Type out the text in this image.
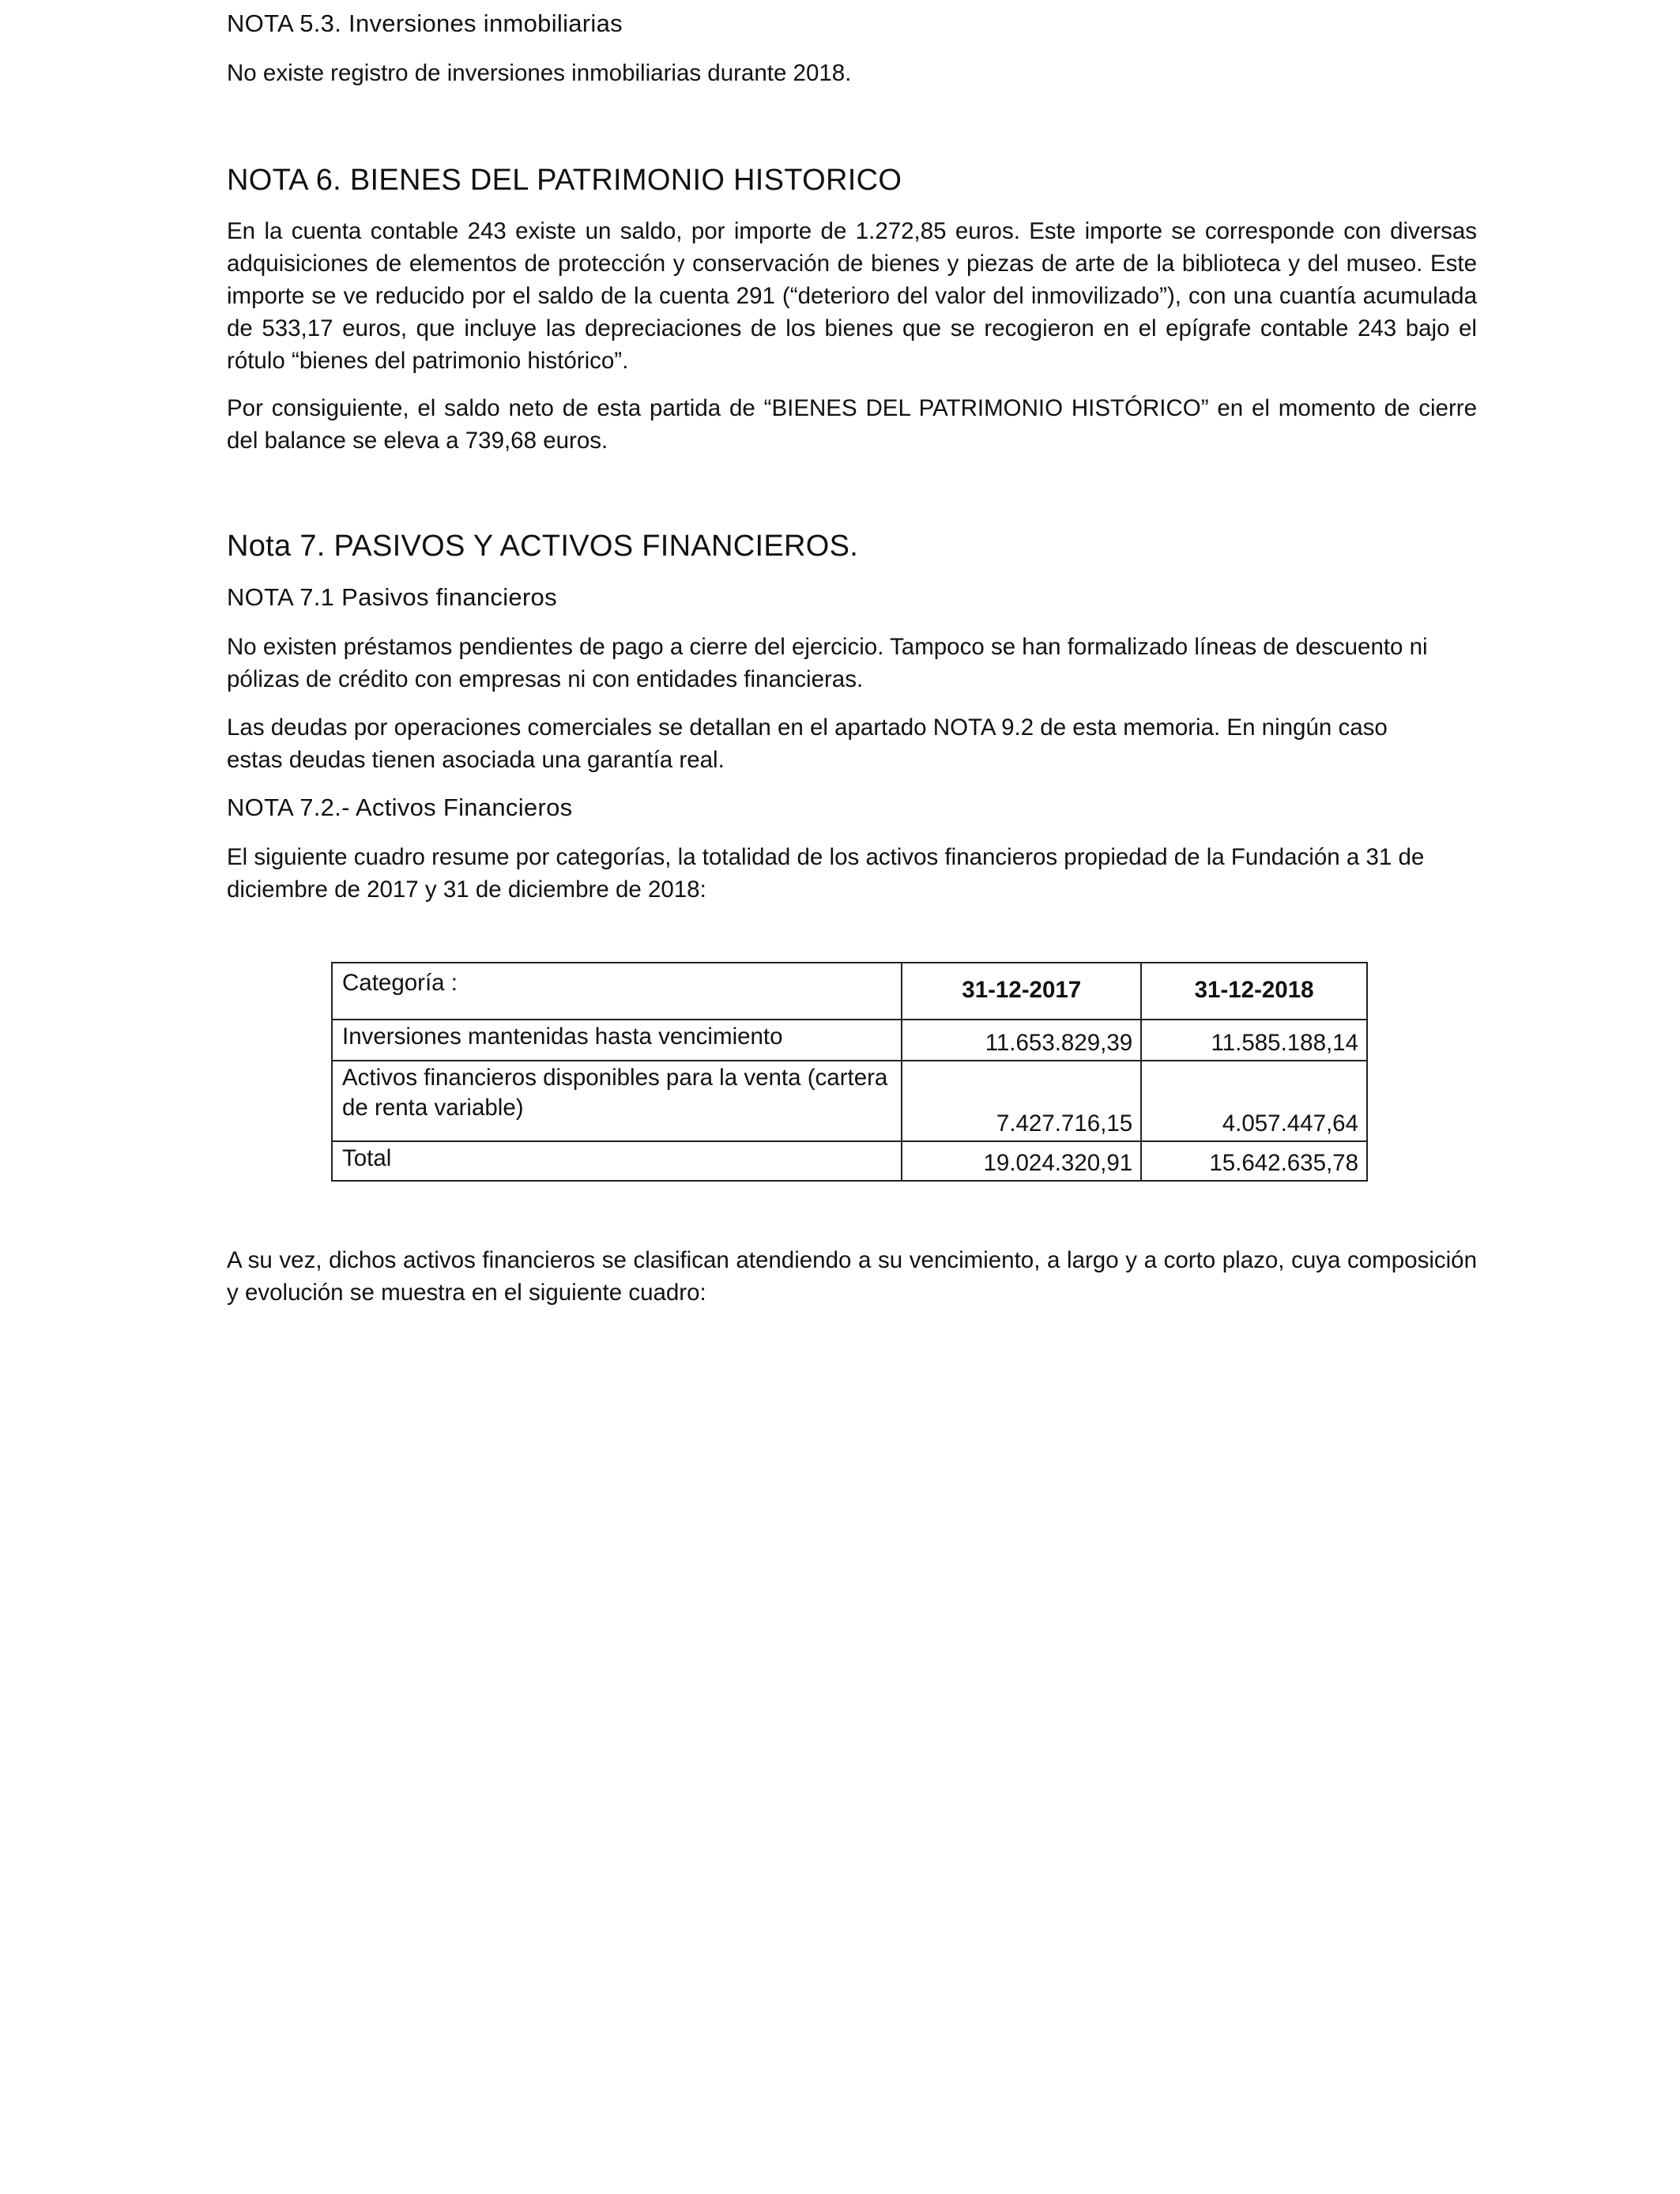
NOTA 5.3. Inversiones inmobiliarias

No existe registro de inversiones inmobiliarias durante 2018.

NOTA 6. BIENES DEL PATRIMONIO HISTORICO

En la cuenta contable 243 existe un saldo, por importe de 1.272,85 euros. Este importe se corresponde con diversas adquisiciones de elementos de protección y conservación de bienes y piezas de arte de la biblioteca y del museo. Este importe se ve reducido por el saldo de la cuenta 291 (“deterioro del valor del inmovilizado”), con una cuantía acumulada de 533,17 euros, que incluye las depreciaciones de los bienes que se recogieron en el epígrafe contable 243 bajo el rótulo “bienes del patrimonio histórico”.

Por consiguiente, el saldo neto de esta partida de “BIENES DEL PATRIMONIO HISTÓRICO” en el momento de cierre del balance se eleva a 739,68 euros.

Nota 7. PASIVOS Y ACTIVOS FINANCIEROS.

NOTA 7.1 Pasivos financieros

No existen préstamos pendientes de pago a cierre del ejercicio. Tampoco se han formalizado líneas de descuento ni pólizas de crédito con empresas ni con entidades financieras.

Las deudas por operaciones comerciales se detallan en el apartado NOTA 9.2 de esta memoria. En ningún caso estas deudas tienen asociada una garantía real.

NOTA 7.2.- Activos Financieros

El siguiente cuadro resume por categorías, la totalidad de los activos financieros propiedad de la Fundación a 31 de diciembre de 2017 y 31 de diciembre de 2018:

Categoría :	31-12-2017	31-12-2018
Inversiones mantenidas hasta vencimiento	11.653.829,39	11.585.188,14
Activos financieros disponibles para la venta (cartera de renta variable)	7.427.716,15	4.057.447,64
Total	19.024.320,91	15.642.635,78

A su vez, dichos activos financieros se clasifican atendiendo a su vencimiento, a largo y a corto plazo, cuya composición y evolución se muestra en el siguiente cuadro:
